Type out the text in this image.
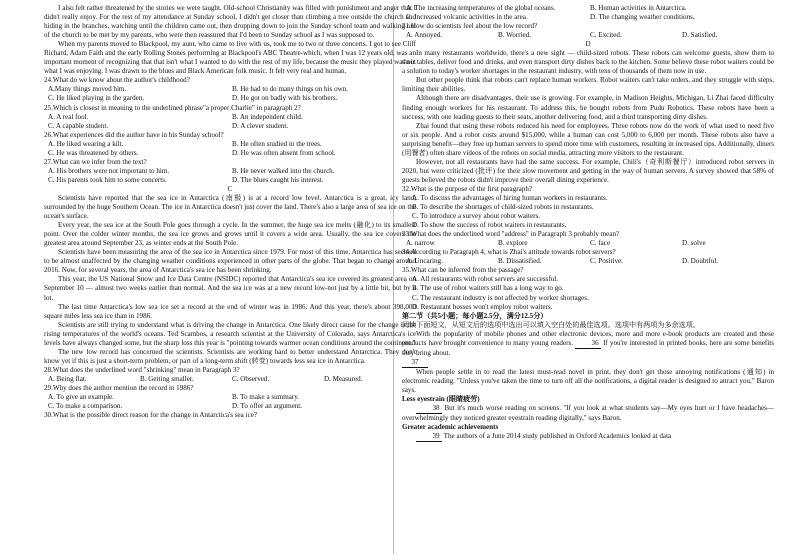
I also felt rather threatened by the stories we were taught. Old-school Christianity was filled with punishment and anger that I didn't really enjoy. For the rest of my attendance at Sunday school, I didn't get closer than climbing a tree outside the church and hiding in the branches, watching until the children came out, then dropping down to join the Sunday school team and walking out of the church to be met by my parents, who were then reassured that I'd been to Sunday school as I was supposed to.

When my parents moved to Blackpool, my aunt, who came to live with us, took me to two or three concerts. I got to see Cliff Richard, Adam Faith and the early Rolling Stones performing at Blackpool's ABC Theatre-which, when I was 12 years old, was an important moment of recognizing that that isn't what I wanted to do with the rest of my life, because the music they played was not what I was enjoying. I was drawn to the blues and Black American folk music. It felt very real and human.

24.What do we know about the author's childhood?

A.Many things moved him.	B. He had to do many things on his own.
C. He liked playing in the garden.	D. He got on badly with his brothers.

25.Which is closest in meaning to the underlined phrase"a proper Charlie" in paragraph 2?

A. A real fool.	B. An independent child.
C. A capable student.	D. A clever student.

26.What experiences did the author have in his Sunday school?

A. He liked wearing a kilt.	B. He often studied in the trees.
C. He was threatened by others.	D. He was often absent from school.

27.What can we infer from the text?

A. His brothers were not important to him.	B. He never walked into the church.
C. His parents took him to some concerts.	D. The blues caught his interest.

C

Scientists have reported that the sea ice in Antarctica (南极) is at a record low level. Antarctica is a great, icy land, surrounded by the huge Southern Ocean. The ice in Antarctica doesn't just cover the land. There's also a large area of sea ice on the ocean's surface.

Every year, the sea ice at the South Pole goes through a cycle. In the summer, the huge sea ice melts (融化) to its smallest point. Over the colder winter months, the sea ice grows and grows until it covers a wide area. Usually, the sea ice covers the greatest area around September 23, as winter ends at the South Pole.

Scientists have been measuring the area of the sea ice in Antarctica since 1979. For most of this time, Antarctica has seemed to be almost unaffected by the changing weather conditions experienced in other parts of the globe. That began to change around 2016. Now, for several years, the area of Antarctica's sea ice has been shrinking.

This year, the US National Snow and Ice Data Centre (NSIDC) reported that Antarctica's sea ice covered its greatest area on September 10 — almost two weeks earlier than normal. And the sea ice was at a new record low-not just by a little bit, but by a lot.

The last time Antarctica's low sea ice set a record at the end of winter was in 1986. And this year, there's about 398,000 square miles less sea ice than in 1986.

Scientists are still trying to understand what is driving the change in Antarctica. One likely direct cause for the change is the rising temperatures of the world's oceans. Ted Scambos, a research scientist at the University of Colorado, says Antarctica's ice levels have always changed some, but the sharp loss this year is "pointing towards warmer ocean conditions around the continent."

The new low record has concerned the scientists. Scientists are working hard to better understand Antarctica. They don't know yet if this is just a short-term problem, or part of a long-term shift (转变) towards less sea ice in Antarctica.

28.What does the underlined word "shrinking" mean in Paragraph 3?

A. Being flat.	B. Getting smaller.	C. Observed.	D. Measured.

29.Why does the author mention the record in 1986?

A. To give an example.	B. To make a summary.
C. To make a comparison.	D. To offer an argument.

30.What is the possible direct reason for the change in Antarctica's sea ice?

A. The increasing temperatures of the global oceans.	B. Human activities in Antarctica.
C. Increased volcanic activities in the area.	D. The changing weather conditions.

31.How do scientists feel about the low record?

A. Annoyed.	B. Worried.	C. Excited.	D. Satisfied.

D

In many restaurants worldwide, there's a new sight — child-sized robots. These robots can welcome guests, show them to their tables, deliver food and drinks, and even transport dirty dishes back to the kitchen. Some believe these robot waiters could be a solution to today's worker shortages in the restaurant industry, with tens of thousands of them now in use.

But other people think that robots can't replace human workers. Robot waiters can't take orders, and they struggle with steps, limiting their abilities.

Although there are disadvantages, their use is growing. For example, in Madison Heights, Michigan, Li Zhai faced difficulty finding enough workers for his restaurant. To address this, he bought robots from Pudu Robotics. These robots have been a success, with one leading guests to their seats, another delivering food, and a third transporting dirty dishes.

Zhai found that using these robots reduced his need for employees. Three robots now do the work of what used to need five or six people. And a robot costs around $15,000, while a human can cost 5,000 to 6,000 per month. These robots also have a surprising benefit—they free up human servers to spend more time with customers, resulting in increased tips. Additionally, diners (用餐者) often share videos of the robots on social media, attracting more visitors to the restaurant.

However, not all restaurants have had the same success. For example, Chili's（奇利斯餐厅）introduced robot servers in 2020, but were criticized (批评) for their slow movement and getting in the way of human servers. A survey showed that 58% of guests believed the robots didn't improve their overall dining experience.

32.What is the purpose of the first paragraph?

A. To discuss the advantages of hiring human workers in restaurants.
B. To describe the shortages of child-sized robots in restaurants.
C. To introduce a survey about robot waiters.
D. To show the success of robot waiters in restaurants.

33.What does the underlined word "address" in Paragraph 3 probably mean?

A. narrow	B. explore	C. face	D. solve

34.According to Paragraph 4, what is Zhai's attitude towards robot servers?

A. Uncaring.	B. Dissatisfied.	C. Positive.	D. Doubtful.

35.What can be inferred from the passage?

A. All restaurants with robot servers are successful.
B. The use of robot waiters still has a long way to go.
C. The restaurant industry is not affected by worker shortages.
D. Restaurant bosses won't employ robot waiters.

第二节（共5小题；每小题2.5分，满分12.5分）

阅读下面短文，从短文后的选项中选出可以填入空白处的最佳选项。选项中有两项为多余选项。

With the popularity of mobile phones and other electronic devices, more and more e-book products are created and these products have brought convenience to many young readers.	36 If you're interested in printed books, here are some benefits they bring about.

37

When people settle in to read the latest must-read novel in print, they don't get those annoying notifications (通知) in electronic reading. "Unless you've taken the time to turn off all the notifications, a digital reader is designed to attract you," Baron says.

Less eyestrain (眼睛疲劳)

38 But it's much worse reading on screens. "If you look at what students say—My eyes hurt or I have headaches—overwhelmingly they noticed greater eyestrain reading digitally," says Baron.

Greater academic achievements

39 The authors of a June 2014 study published in Oxford Academics looked at data
